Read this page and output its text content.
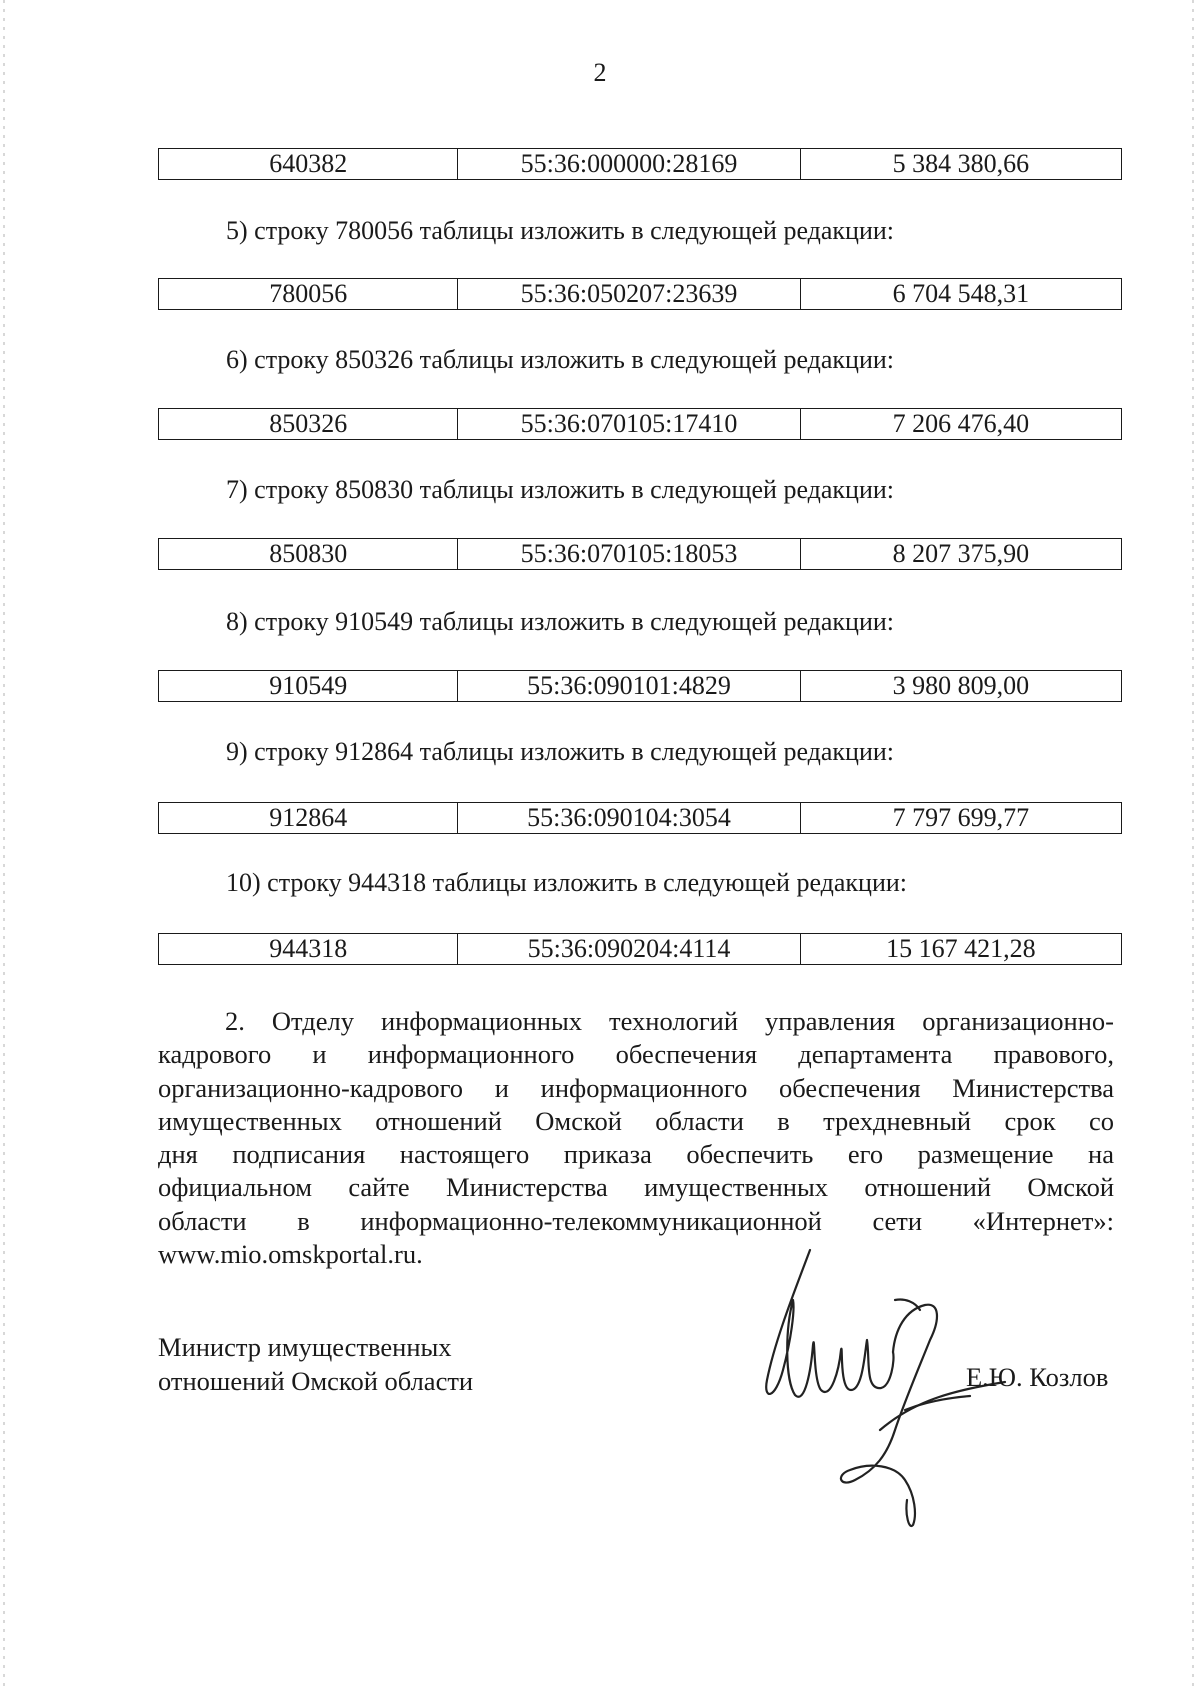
2
640382	55:36:000000:28169	5 384 380,66
5) строку 780056 таблицы изложить в следующей редакции:
780056	55:36:050207:23639	6 704 548,31
6) строку 850326 таблицы изложить в следующей редакции:
850326	55:36:070105:17410	7 206 476,40
7) строку 850830 таблицы изложить в следующей редакции:
850830	55:36:070105:18053	8 207 375,90
8) строку 910549 таблицы изложить в следующей редакции:
910549	55:36:090101:4829	3 980 809,00
9) строку 912864 таблицы изложить в следующей редакции:
912864	55:36:090104:3054	7 797 699,77
10) строку 944318 таблицы изложить в следующей редакции:
944318	55:36:090204:4114	15 167 421,28
2. Отделу информационных технологий управления организационно-
кадрового и информационного обеспечения департамента правового,
организационно-кадрового и информационного обеспечения Министерства
имущественных отношений Омской области в трехдневный срок со
дня подписания настоящего приказа обеспечить его размещение на
официальном сайте Министерства имущественных отношений Омской
области в информационно-телекоммуникационной сети «Интернет»:
www.mio.omskportal.ru.
Министр имущественных
отношений Омской области	Е.Ю. Козлов
